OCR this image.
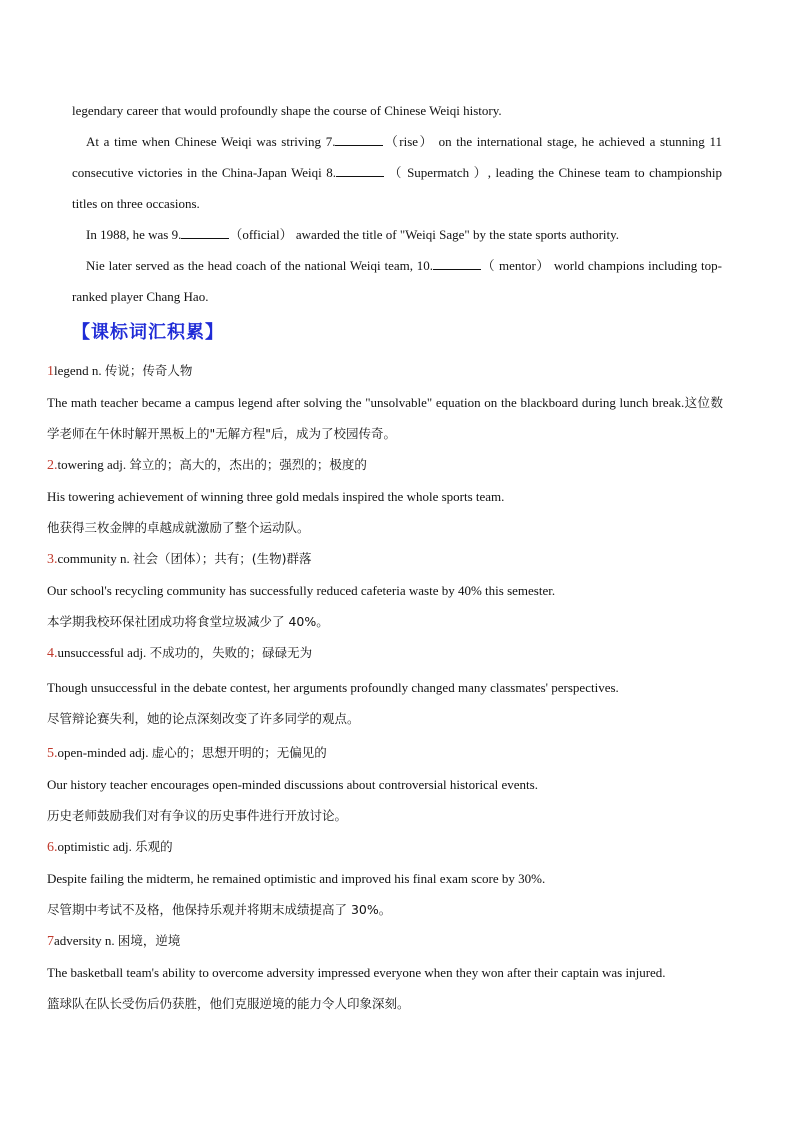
legendary career that would profoundly shape the course of Chinese Weiqi history.

At a time when Chinese Weiqi was striving 7.	（rise） on the international stage, he achieved a stunning 11 consecutive victories in the China-Japan Weiqi 8.	（ Supermatch ）, leading the Chinese team to championship titles on three occasions.

In 1988, he was 9.	（official） awarded the title of "Weiqi Sage" by the state sports authority.

Nie later served as the head coach of the national Weiqi team, 10.	（ mentor） world champions including top-ranked player Chang Hao.

【课标词汇积累】
1legend n. 传说；传奇人物
The math teacher became a campus legend after solving the "unsolvable" equation on the blackboard during lunch break.这位数学老师在午休时解开黑板上的"无解方程"后，成为了校园传奇。
2.towering adj. 耸立的；高大的，杰出的；强烈的；极度的
His towering achievement of winning three gold medals inspired the whole sports team.
他获得三枚金牌的卓越成就激励了整个运动队。
3.community n. 社会（团体）；共有；(生物)群落
Our school's recycling community has successfully reduced cafeteria waste by 40% this semester.
本学期我校环保社团成功将食堂垃圾减少了 40%。
4.unsuccessful adj. 不成功的，失败的；碌碌无为
Though unsuccessful in the debate contest, her arguments profoundly changed many classmates' perspectives.
尽管辩论赛失利，她的论点深刻改变了许多同学的观点。
5.open-minded adj. 虚心的；思想开明的；无偏见的
Our history teacher encourages open-minded discussions about controversial historical events.
历史老师鼓励我们对有争议的历史事件进行开放讨论。
6.optimistic adj. 乐观的
Despite failing the midterm, he remained optimistic and improved his final exam score by 30%.
尽管期中考试不及格，他保持乐观并将期末成绩提高了 30%。
7adversity n. 困境，逆境
The basketball team's ability to overcome adversity impressed everyone when they won after their captain was injured.
篮球队在队长受伤后仍获胜，他们克服逆境的能力令人印象深刻。
